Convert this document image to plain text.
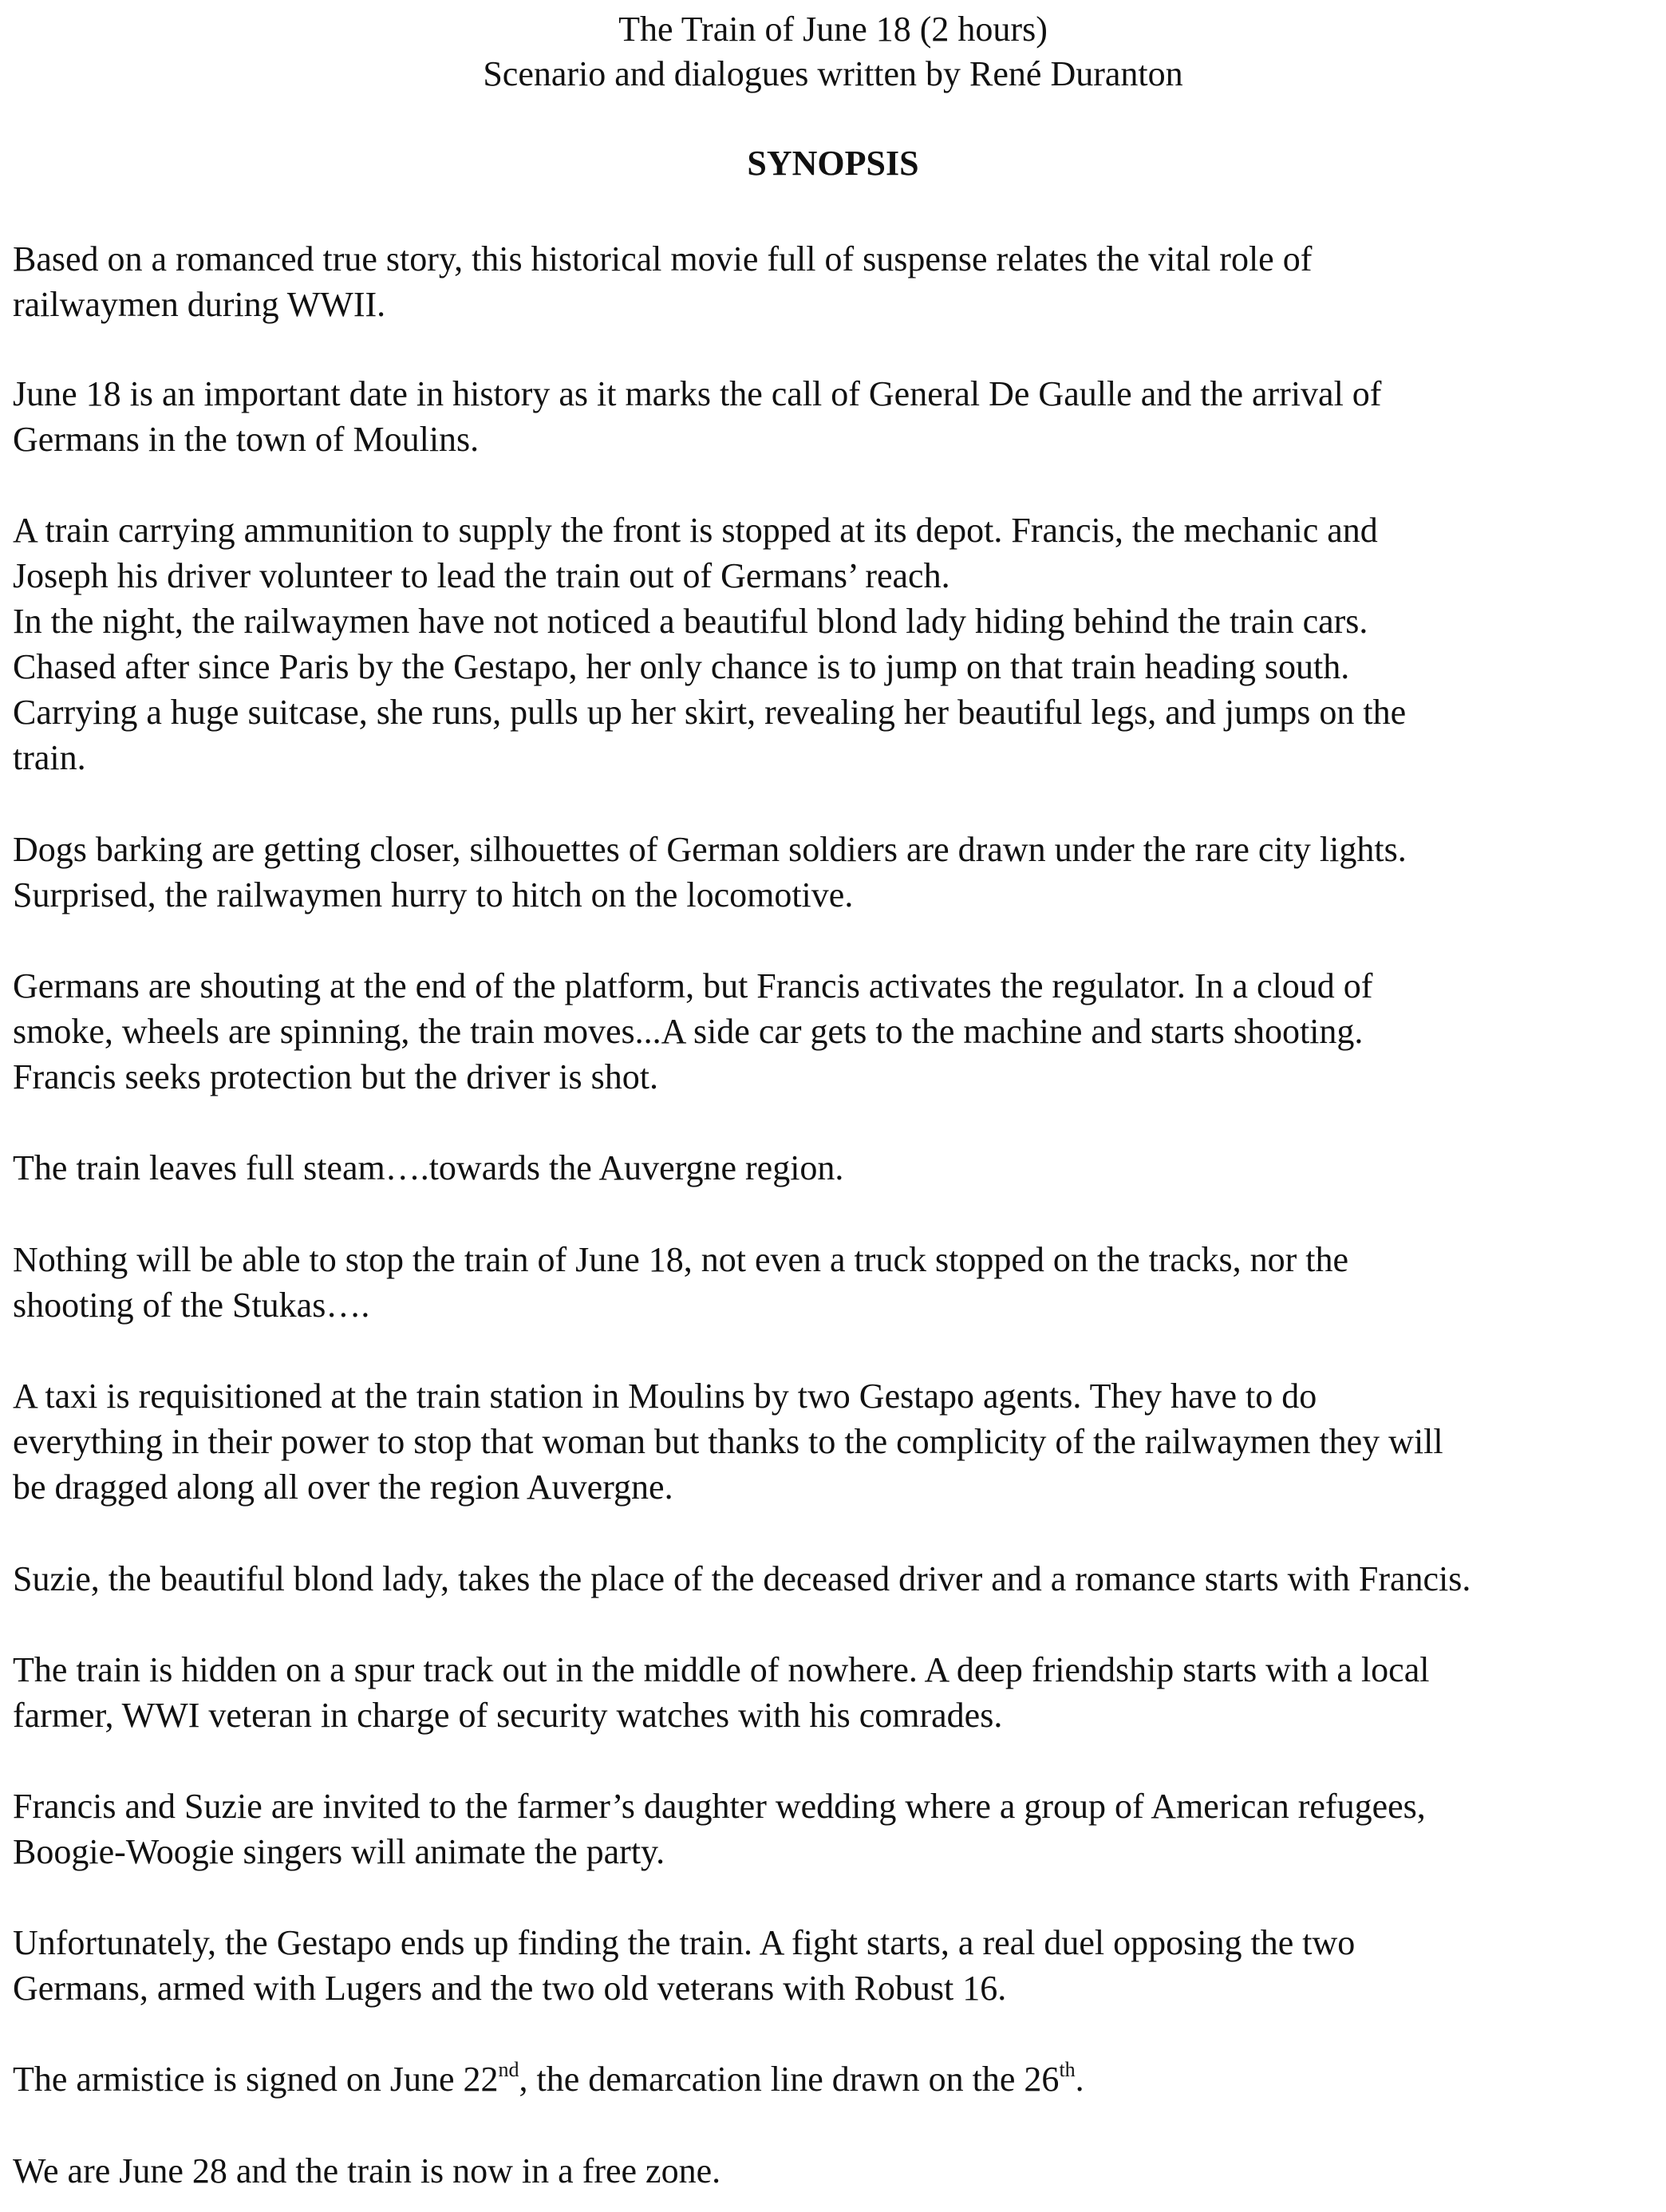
The Train of June 18 (2 hours)
Scenario and dialogues written by René Duranton
SYNOPSIS
Based on a romanced true story, this historical movie full of suspense relates the vital role of
railwaymen during WWII.
June 18 is an important date in history as it marks the call of General De Gaulle and the arrival of
Germans in the town of Moulins.
A train carrying ammunition to supply the front is stopped at its depot. Francis, the mechanic and
Joseph his driver volunteer to lead the train out of Germans’ reach.
In the night, the railwaymen have not noticed a beautiful blond lady hiding behind the train cars.
Chased after since Paris by the Gestapo, her only chance is to jump on that train heading south.
Carrying a huge suitcase, she runs, pulls up her skirt, revealing her beautiful legs, and jumps on the
train.
Dogs barking are getting closer, silhouettes of German soldiers are drawn under the rare city lights.
Surprised, the railwaymen hurry to hitch on the locomotive.
Germans are shouting at the end of the platform, but Francis activates the regulator. In a cloud of
smoke, wheels are spinning, the train moves...A side car gets to the machine and starts shooting.
Francis seeks protection but the driver is shot.
The train leaves full steam….towards the Auvergne region.
Nothing will be able to stop the train of June 18, not even a truck stopped on the tracks, nor the
shooting of the Stukas….
A taxi is requisitioned at the train station in Moulins by two Gestapo agents. They have to do
everything in their power to stop that woman but thanks to the complicity of the railwaymen they will
be dragged along all over the region Auvergne.
Suzie, the beautiful blond lady, takes the place of the deceased driver and a romance starts with Francis.
The train is hidden on a spur track out in the middle of nowhere. A deep friendship starts with a local
farmer, WWI veteran in charge of security watches with his comrades.
Francis and Suzie are invited to the farmer’s daughter wedding where a group of American refugees,
Boogie-Woogie singers will animate the party.
Unfortunately, the Gestapo ends up finding the train. A fight starts, a real duel opposing the two
Germans, armed with Lugers and the two old veterans with Robust 16.
The armistice is signed on June 22nd, the demarcation line drawn on the 26th.
We are June 28 and the train is now in a free zone.
